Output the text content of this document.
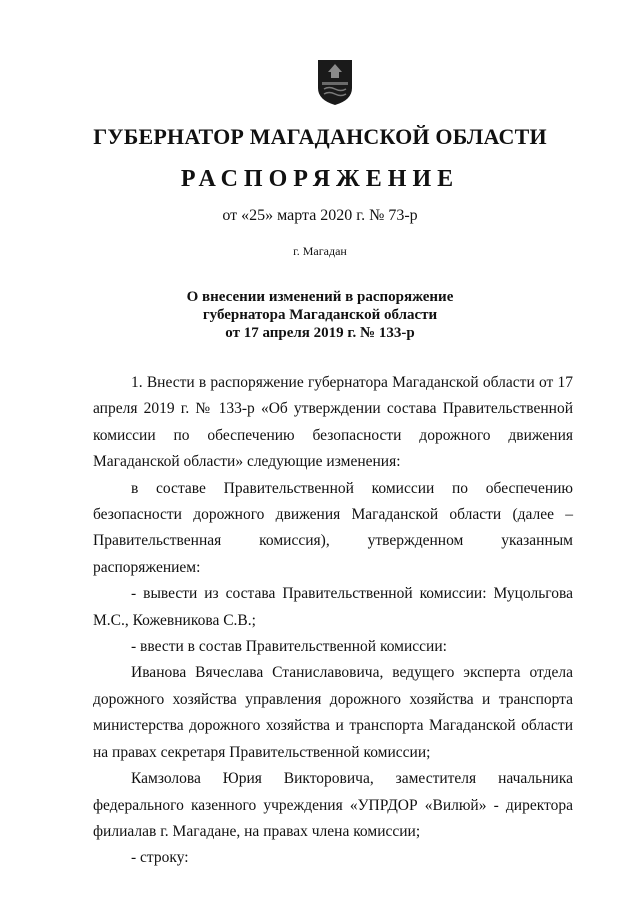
ГУБЕРНАТОР МАГАДАНСКОЙ ОБЛАСТИ
РАСПОРЯЖЕНИЕ
от «25» марта 2020 г. № 73-р
г. Магадан
О внесении изменений в распоряжение
губернатора Магаданской области
от 17 апреля 2019 г. № 133-р

1. Внести в распоряжение губернатора Магаданской области от 17 апреля 2019 г. № 133-р «Об утверждении состава Правительственной комиссии по обеспечению безопасности дорожного движения Магаданской области» следующие изменения:

в составе Правительственной комиссии по обеспечению безопасности дорожного движения Магаданской области (далее – Правительственная комиссия), утвержденном указанным распоряжением:

- вывести из состава Правительственной комиссии: Муцольгова М.С., Кожевникова С.В.;

- ввести в состав Правительственной комиссии:

Иванова Вячеслава Станиславовича, ведущего эксперта отдела дорожного хозяйства управления дорожного хозяйства и транспорта министерства дорожного хозяйства и транспорта Магаданской области на правах секретаря Правительственной комиссии;

Камзолова Юрия Викторовича, заместителя начальника федерального казенного учреждения «УПРДОР «Вилюй» - директора филиалав г. Магадане, на правах члена комиссии;

- строку:
